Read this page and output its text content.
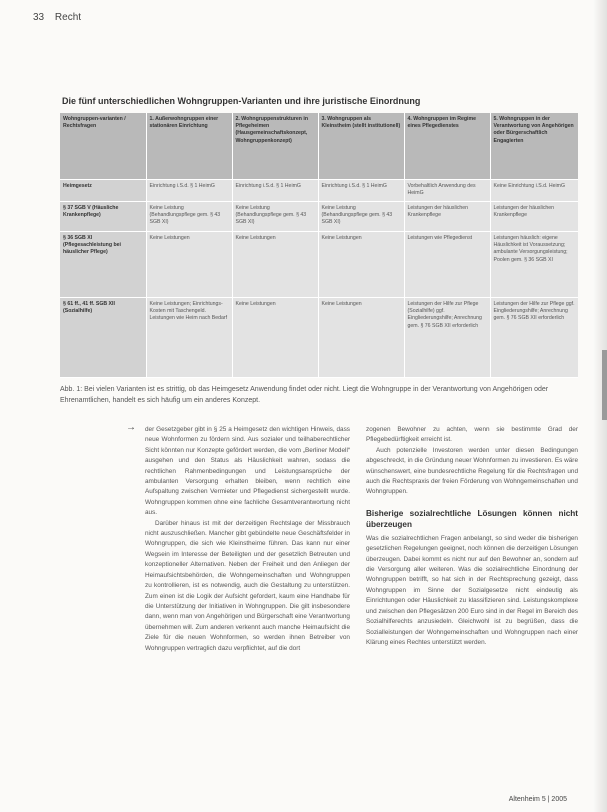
33 Recht
Die fünf unterschiedlichen Wohngruppen-Varianten und ihre juristische Einordnung
Wohngruppen-varianten / Rechtsfragen	1. Außerwohngruppen einer stationären Einrichtung	2. Wohngruppenstrukturen in Pflegeheimen (Hausgemeinschaftskonzept, Wohngruppenkonzept)	3. Wohngruppen als Kleinstheim (stellt institutionell)	4. Wohngruppen im Regime eines Pflegedienstes	5. Wohngruppen in der Verantwortung von Angehörigen oder Bürgerschaftlich Engagierten
Heimgesetz	Einrichtung i.S.d. § 1 HeimG	Einrichtung i.S.d. § 1 HeimG	Einrichtung i.S.d. § 1 HeimG	Vorbehaltlich Anwendung des HeimG	Keine Einrichtung i.S.d. HeimG
§ 37 SGB V (Häusliche Krankenpflege)	Keine Leistung (Behandlungspflege gem. § 43 SGB XI)	Keine Leistung (Behandlungspflege gem. § 43 SGB XI)	Keine Leistung (Behandlungspflege gem. § 43 SGB XI)	Leistungen der häuslichen Krankenpflege	Leistungen der häuslichen Krankenpflege
§ 36 SGB XI (Pflegesachleistung bei häuslicher Pflege)	Keine Leistungen	Keine Leistungen	Keine Leistungen	Leistungen wie Pflegedienst	Leistungen häuslich: eigene Häuslichkeit ist Voraussetzung; ambulante Versorgungsleistung; Poolen gem. § 36 SGB XI
§ 61 ff., 41 ff. SGB XII (Sozialhilfe)	Keine Leistungen; Einrichtungs-Kosten mit Taschengeld. Leistungen wie Heim nach Bedarf	Keine Leistungen	Keine Leistungen	Leistungen der Hilfe zur Pflege (Sozialhilfe) ggf. Eingliederungshilfe; Anrechnung gem. § 76 SGB XII erforderlich	Leistungen der Hilfe zur Pflege ggf. Eingliederungshilfe; Anrechnung gem. § 76 SGB XII erforderlich
Abb. 1: Bei vielen Varianten ist es strittig, ob das Heimgesetz Anwendung findet oder nicht. Liegt die Wohngruppe in der Verantwortung von Angehörigen oder Ehrenamtlichen, handelt es sich häufig um ein anderes Konzept.
→ der Gesetzgeber gibt in § 25 a Heimgesetz den wichtigen Hinweis, dass neue Wohnformen zu fördern sind. Aus sozialer und teilhaberechtlicher Sicht könnten nur Konzepte gefördert werden, die vom „Berliner Modell“ ausgehen und den Status als Häuslichkeit wahren, sodass die rechtlichen Rahmenbedingungen und Leistungsansprüche der ambulanten Versorgung erhalten bleiben, wenn rechtlich eine Aufspaltung zwischen Vermieter und Pflegedienst sichergestellt wurde. Wohngruppen kommen ohne eine fachliche Gesamtverantwortung nicht aus.

Darüber hinaus ist mit der derzeitigen Rechtslage der Missbrauch nicht auszuschließen. Mancher gibt gebündelte neue Geschäftsfelder in Wohngruppen, die sich wie Kleinstheime führen. Das kann nur einer Wegsein im Interesse der Beteiligten und der gesetzlich Betreuten und konzeptioneller Alternativen. Neben der Freiheit und den Anliegen der Heimaufsichtsbehörden, die Wohngemeinschaften und Wohngruppen zu kontrollieren, ist es notwendig, auch die Gestaltung zu unterstützen. Zum einen ist die Logik der Aufsicht gefordert, kaum eine Handhabe für die Unterstützung der Initiativen in Wohngruppen. Die gilt insbesondere dann, wenn man von Angehörigen und Bürgerschaft eine Verantwortung übernehmen will. Zum anderen verkennt auch manche Heimaufsicht die Ziele für die neuen Wohnformen, so werden ihnen Betreiber von Wohngruppen vertraglich dazu verpflichtet, auf die dort

zogenen Bewohner zu achten, wenn sie bestimmte Grad der Pflegebedürftigkeit erreicht ist.

Auch potenzielle Investoren werden unter diesen Bedingungen abgeschreckt, in die Gründung neuer Wohnformen zu investieren. Es wäre wünschenswert, eine bundesrechtliche Regelung für die Rechtsfragen und auch die Rechtspraxis der freien Förderung von Wohngemeinschaften und Wohngruppen.

Bisherige sozialrechtliche Lösungen können nicht überzeugen

Was die sozialrechtlichen Fragen anbelangt, so sind weder die bisherigen gesetzlichen Regelungen geeignet, noch können die derzeitigen Lösungen überzeugen. Dabei kommt es nicht nur auf den Bewohner an, sondern auf die Versorgung aller weiteren. Was die sozialrechtliche Einordnung der Wohngruppen betrifft, so hat sich in der Rechtsprechung gezeigt, dass Wohngruppen im Sinne der Sozialgesetze nicht eindeutig als Einrichtungen oder Häuslichkeit zu klassifizieren sind. Leistungskomplexe und zwischen den Pflegesätzen 200 Euro sind in der Regel im Bereich des Sozialhilferechts anzusiedeln. Gleichwohl ist zu begrüßen, dass die Sozialleistungen der Wohngemeinschaften und Wohngruppen nach einer Klärung eines Rechtes unterstützt werden.

Altenheim 5 | 2005
